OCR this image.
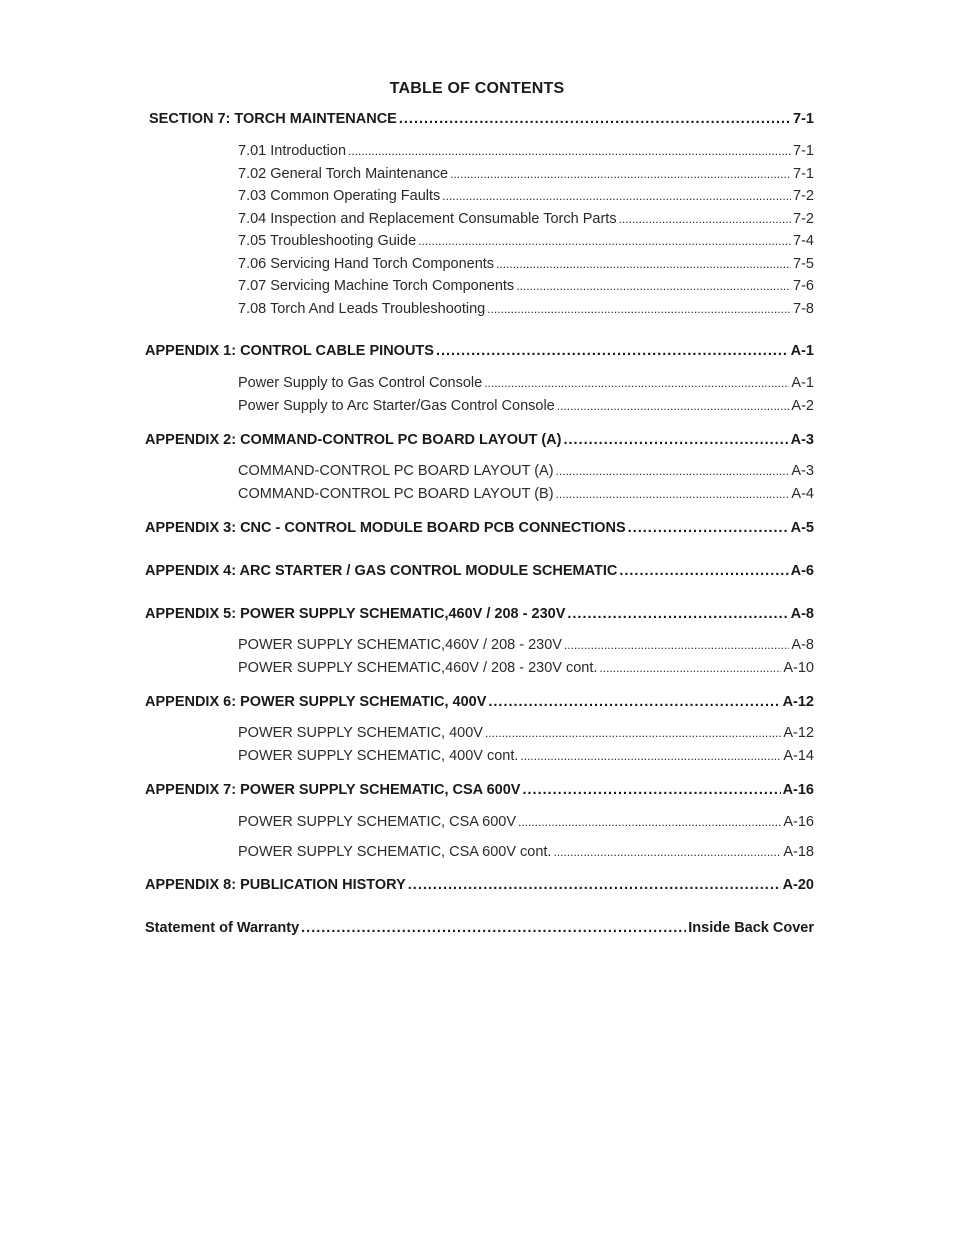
TABLE OF CONTENTS
SECTION 7: TORCH MAINTENANCE .....	7-1
7.01 Introduction .....	7-1
7.02 General Torch Maintenance .....	7-1
7.03 Common Operating Faults .....	7-2
7.04 Inspection and Replacement Consumable Torch Parts .....	7-2
7.05 Troubleshooting Guide .....	7-4
7.06 Servicing Hand Torch Components .....	7-5
7.07 Servicing Machine Torch Components .....	7-6
7.08 Torch And Leads Troubleshooting .....	7-8
APPENDIX 1: CONTROL CABLE PINOUTS .....	A-1
Power Supply to Gas Control Console .....	A-1
Power Supply to Arc Starter/Gas Control Console .....	A-2
APPENDIX 2: COMMAND-CONTROL PC BOARD LAYOUT (A) .....	A-3
COMMAND-CONTROL PC BOARD LAYOUT (A) .....	A-3
COMMAND-CONTROL PC BOARD LAYOUT (B) .....	A-4
APPENDIX 3: CNC - CONTROL MODULE BOARD PCB CONNECTIONS .....	A-5
APPENDIX 4: ARC STARTER / GAS CONTROL MODULE SCHEMATIC .....	A-6
APPENDIX 5: POWER SUPPLY SCHEMATIC,460V / 208 - 230V .....	A-8
POWER SUPPLY SCHEMATIC,460V / 208 - 230V .....	A-8
POWER SUPPLY SCHEMATIC,460V / 208 - 230V cont. .....	A-10
APPENDIX 6: POWER SUPPLY SCHEMATIC, 400V .....	A-12
POWER SUPPLY SCHEMATIC, 400V .....	A-12
POWER SUPPLY SCHEMATIC, 400V cont. .....	A-14
APPENDIX 7: POWER SUPPLY SCHEMATIC, CSA 600V .....	A-16
POWER SUPPLY SCHEMATIC, CSA 600V .....	A-16
POWER SUPPLY SCHEMATIC, CSA 600V cont. .....	A-18
APPENDIX 8: PUBLICATION HISTORY .....	A-20
Statement of Warranty .....	Inside Back Cover
